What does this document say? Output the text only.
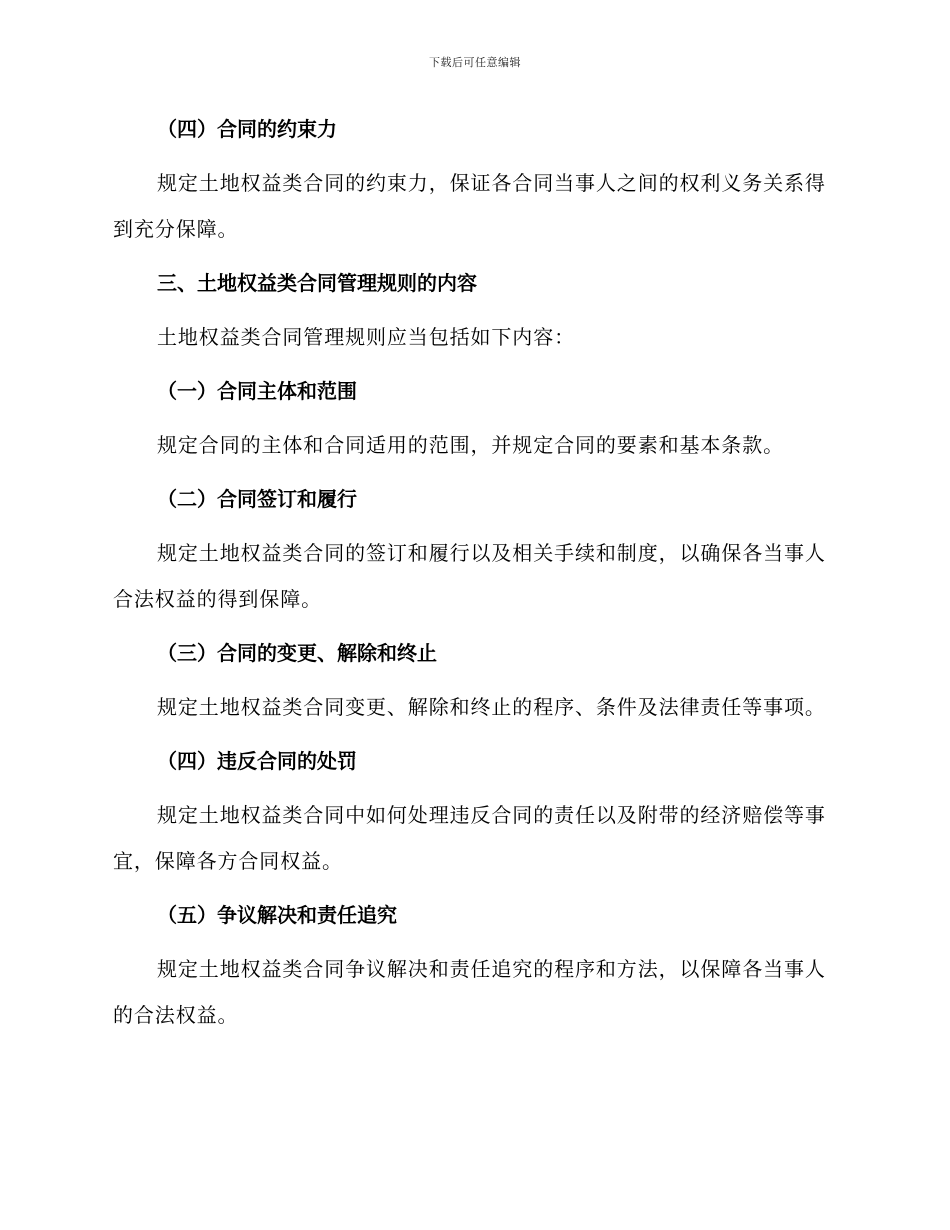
下载后可任意编辑
（四）合同的约束力
规定土地权益类合同的约束力，保证各合同当事人之间的权利义务关系得到充分保障。
三、土地权益类合同管理规则的内容
土地权益类合同管理规则应当包括如下内容：
（一）合同主体和范围
规定合同的主体和合同适用的范围，并规定合同的要素和基本条款。
（二）合同签订和履行
规定土地权益类合同的签订和履行以及相关手续和制度，以确保各当事人合法权益的得到保障。
（三）合同的变更、解除和终止
规定土地权益类合同变更、解除和终止的程序、条件及法律责任等事项。
（四）违反合同的处罚
规定土地权益类合同中如何处理违反合同的责任以及附带的经济赔偿等事宜，保障各方合同权益。
（五）争议解决和责任追究
规定土地权益类合同争议解决和责任追究的程序和方法，以保障各当事人的合法权益。
